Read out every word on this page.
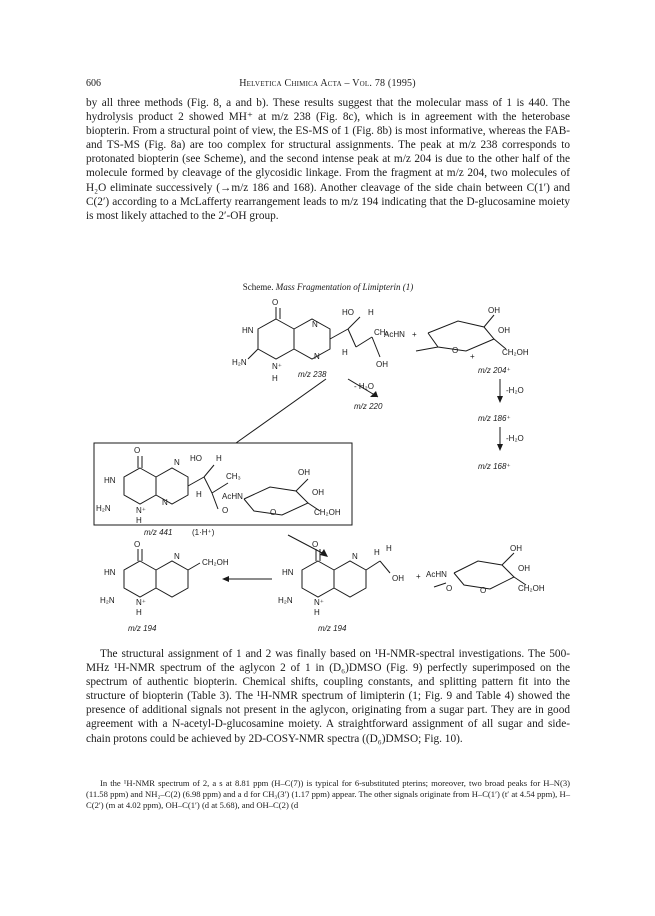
606	Helvetica Chimica Acta – Vol. 78 (1995)
by all three methods (Fig. 8, a and b). These results suggest that the molecular mass of 1 is 440. The hydrolysis product 2 showed MH⁺ at m/z 238 (Fig. 8c), which is in agreement with the heterobase biopterin. From a structural point of view, the ES-MS of 1 (Fig. 8b) is most informative, whereas the FAB- and TS-MS (Fig. 8a) are too complex for structural assignments. The peak at m/z 238 corresponds to protonated biopterin (see Scheme), and the second intense peak at m/z 204 is due to the other half of the molecule formed by cleavage of the glycosidic linkage. From the fragment at m/z 204, two molecules of H₂O eliminate successively (→m/z 186 and 168). Another cleavage of the side chain between C(1′) and C(2′) according to a McLafferty rearrangement leads to m/z 194 indicating that the D-glucosamine moiety is most likely attached to the 2′-OH group.
Scheme. Mass Fragmentation of Limipterin (1)
O
HN
H₂N	N⁺
H
N
N
HO H
CH₃
H
OH
+
AcHN
OH
OH
CH₂OH
O
+
m/z 204⁺
-H₂O
m/z 186⁺
-H₂O
m/z 168⁺
m/z 238
- H₂O
m/z 220
O
HN
H₂N	N⁺
H
N HO H
CH₃
H	AcHN
O
OH
OH
CH₂OH
O
N
m/z 441 (1·H⁺)
O
HN
H₂N	N⁺
H
N
CH₂OH
m/z 194
O
HN
H₂N	N⁺
H
N H H
OH
m/z 194
+ AcHN
O
OH
OH
CH₂OH
O
The structural assignment of 1 and 2 was finally based on ¹H-NMR-spectral investigations. The 500-MHz ¹H-NMR spectrum of the aglycon 2 of 1 in (D₆)DMSO (Fig. 9) perfectly superimposed on the spectrum of authentic biopterin. Chemical shifts, coupling constants, and splitting pattern fit into the structure of biopterin (Table 3). The ¹H-NMR spectrum of limipterin (1; Fig. 9 and Table 4) showed the presence of additional signals not present in the aglycon, originating from a sugar part. They are in good agreement with a N-acetyl-D-glucosamine moiety. A straightforward assignment of all sugar and side-chain protons could be achieved by 2D-COSY-NMR spectra ((D₆)DMSO; Fig. 10).
In the ¹H-NMR spectrum of 2, a s at 8.81 ppm (H–C(7)) is typical for 6-substituted pterins; moreover, two broad peaks for H–N(3) (11.58 ppm) and NH₂–C(2) (6.98 ppm) and a d for CH₃(3′) (1.17 ppm) appear. The other signals originate from H–C(1′) (t′ at 4.54 ppm), H–C(2′) (m at 4.02 ppm), OH–C(1′) (d at 5.68), and OH–C(2) (d
